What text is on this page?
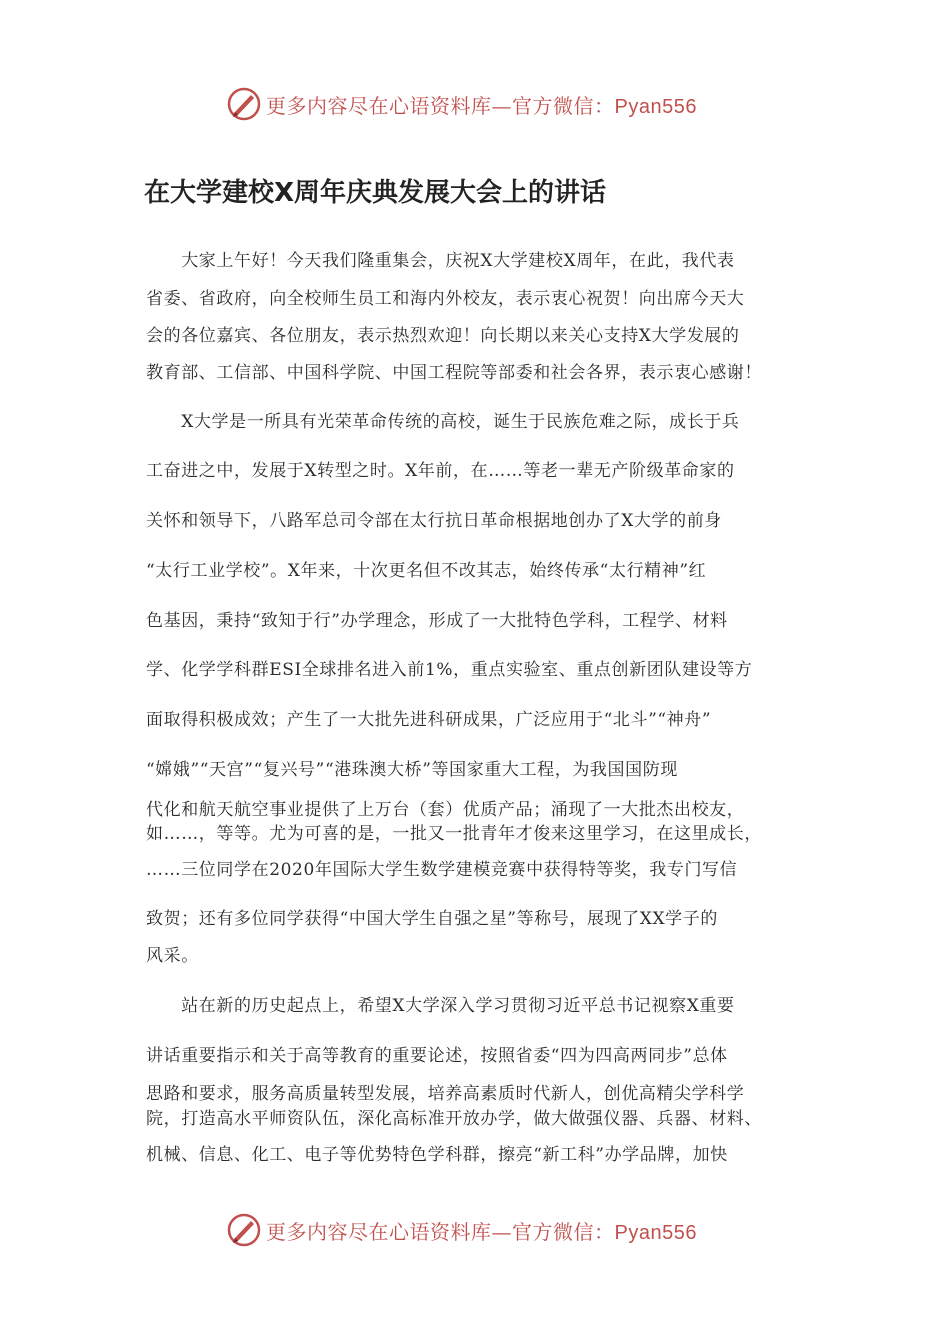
更多内容尽在心语资料库—官方微信：Pyan556
在大学建校X周年庆典发展大会上的讲话
　　大家上午好！今天我们隆重集会，庆祝X大学建校X周年，在此，我代表
省委、省政府，向全校师生员工和海内外校友，表示衷心祝贺！向出席今天大
会的各位嘉宾、各位朋友，表示热烈欢迎！向长期以来关心支持X大学发展的
教育部、工信部、中国科学院、中国工程院等部委和社会各界，表示衷心感谢！
　　X大学是一所具有光荣革命传统的高校，诞生于民族危难之际，成长于兵
工奋进之中，发展于X转型之时。X年前，在……等老一辈无产阶级革命家的
关怀和领导下，八路军总司令部在太行抗日革命根据地创办了X大学的前身
“太行工业学校”。X年来，十次更名但不改其志，始终传承“太行精神”红
色基因，秉持“致知于行”办学理念，形成了一大批特色学科，工程学、材料
学、化学学科群ESI全球排名进入前1%，重点实验室、重点创新团队建设等方
面取得积极成效；产生了一大批先进科研成果，广泛应用于“北斗”“神舟”
“嫦娥”“天宫”“复兴号”“港珠澳大桥”等国家重大工程，为我国国防现
代化和航天航空事业提供了上万台（套）优质产品；涌现了一大批杰出校友，
如……，等等。尤为可喜的是，一批又一批青年才俊来这里学习，在这里成长，
……三位同学在2020年国际大学生数学建模竞赛中获得特等奖，我专门写信
致贺；还有多位同学获得“中国大学生自强之星”等称号，展现了XX学子的
风采。
　　站在新的历史起点上，希望X大学深入学习贯彻习近平总书记视察X重要
讲话重要指示和关于高等教育的重要论述，按照省委“四为四高两同步”总体
思路和要求，服务高质量转型发展，培养高素质时代新人，创优高精尖学科学
院，打造高水平师资队伍，深化高标准开放办学，做大做强仪器、兵器、材料、
机械、信息、化工、电子等优势特色学科群，擦亮“新工科”办学品牌，加快
更多内容尽在心语资料库—官方微信：Pyan556
